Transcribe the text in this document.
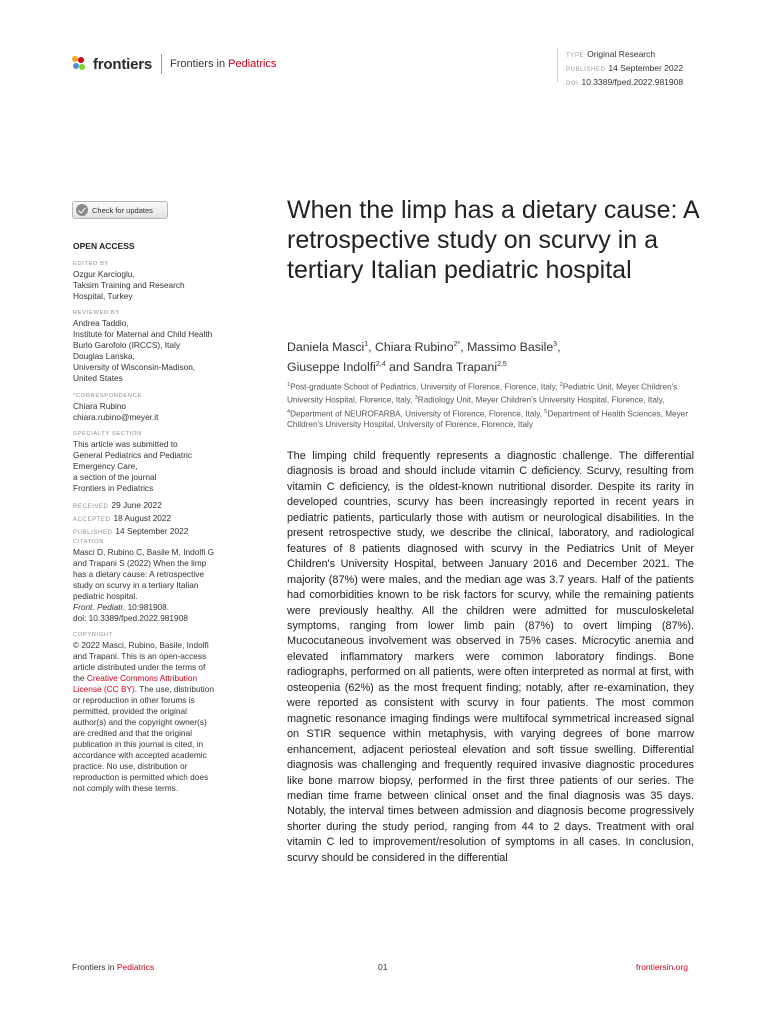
frontiers Frontiers in Pediatrics
TYPE Original Research
PUBLISHED 14 September 2022
DOI 10.3389/fped.2022.981908
Check for updates
OPEN ACCESS
EDITED BY
Ozgur Karcioglu,
Taksim Training and Research
Hospital, Turkey
REVIEWED BY
Andrea Taddio,
Institute for Maternal and Child Health
Burlo Garofolo (IRCCS), Italy
Douglas Lanska,
University of Wisconsin-Madison,
United States
*CORRESPONDENCE
Chiara Rubino
chiara.rubino@meyer.it
SPECIALTY SECTION
This article was submitted to
General Pediatrics and Pediatric
Emergency Care,
a section of the journal
Frontiers in Pediatrics
RECEIVED 29 June 2022
ACCEPTED 18 August 2022
PUBLISHED 14 September 2022
CITATION
Masci D, Rubino C, Basile M, Indolfi G
and Trapani S (2022) When the limp
has a dietary cause: A retrospective
study on scurvy in a tertiary Italian
pediatric hospital.
Front. Pediatr. 10:981908.
doi: 10.3389/fped.2022.981908
COPYRIGHT
© 2022 Masci, Rubino, Basile, Indolfi
and Trapani. This is an open-access
article distributed under the terms of
the Creative Commons Attribution
License (CC BY). The use, distribution
or reproduction in other forums is
permitted, provided the original
author(s) and the copyright owner(s)
are credited and that the original
publication in this journal is cited, in
accordance with accepted academic
practice. No use, distribution or
reproduction is permitted which does
not comply with these terms.
When the limp has a dietary cause: A retrospective study on scurvy in a tertiary Italian pediatric hospital
Daniela Masci$^1$, Chiara Rubino$^{2*}$, Massimo Basile$^3$,
Giuseppe Indolfi$^{2,4}$ and Sandra Trapani$^{2,5}$
$^1$Post-graduate School of Pediatrics, University of Florence, Florence, Italy, $^2$Pediatric Unit, Meyer Children's University Hospital, Florence, Italy, $^3$Radiology Unit, Meyer Children's University Hospital, Florence, Italy, $^4$Department of NEUROFARBA, University of Florence, Florence, Italy, $^5$Department of Health Sciences, Meyer Children's University Hospital, University of Florence, Florence, Italy
The limping child frequently represents a diagnostic challenge. The differential diagnosis is broad and should include vitamin C deficiency. Scurvy, resulting from vitamin C deficiency, is the oldest-known nutritional disorder. Despite its rarity in developed countries, scurvy has been increasingly reported in recent years in pediatric patients, particularly those with autism or neurological disabilities. In the present retrospective study, we describe the clinical, laboratory, and radiological features of 8 patients diagnosed with scurvy in the Pediatrics Unit of Meyer Children's University Hospital, between January 2016 and December 2021. The majority (87%) were males, and the median age was 3.7 years. Half of the patients had comorbidities known to be risk factors for scurvy, while the remaining patients were previously healthy. All the children were admitted for musculoskeletal symptoms, ranging from lower limb pain (87%) to overt limping (87%). Mucocutaneous involvement was observed in 75% cases. Microcytic anemia and elevated inflammatory markers were common laboratory findings. Bone radiographs, performed on all patients, were often interpreted as normal at first, with osteopenia (62%) as the most frequent finding; notably, after re-examination, they were reported as consistent with scurvy in four patients. The most common magnetic resonance imaging findings were multifocal symmetrical increased signal on STIR sequence within metaphysis, with varying degrees of bone marrow enhancement, adjacent periosteal elevation and soft tissue swelling. Differential diagnosis was challenging and frequently required invasive diagnostic procedures like bone marrow biopsy, performed in the first three patients of our series. The median time frame between clinical onset and the final diagnosis was 35 days. Notably, the interval times between admission and diagnosis become progressively shorter during the study period, ranging from 44 to 2 days. Treatment with oral vitamin C led to improvement/resolution of symptoms in all cases. In conclusion, scurvy should be considered in the differential
Frontiers in Pediatrics	01	frontiersin.org
